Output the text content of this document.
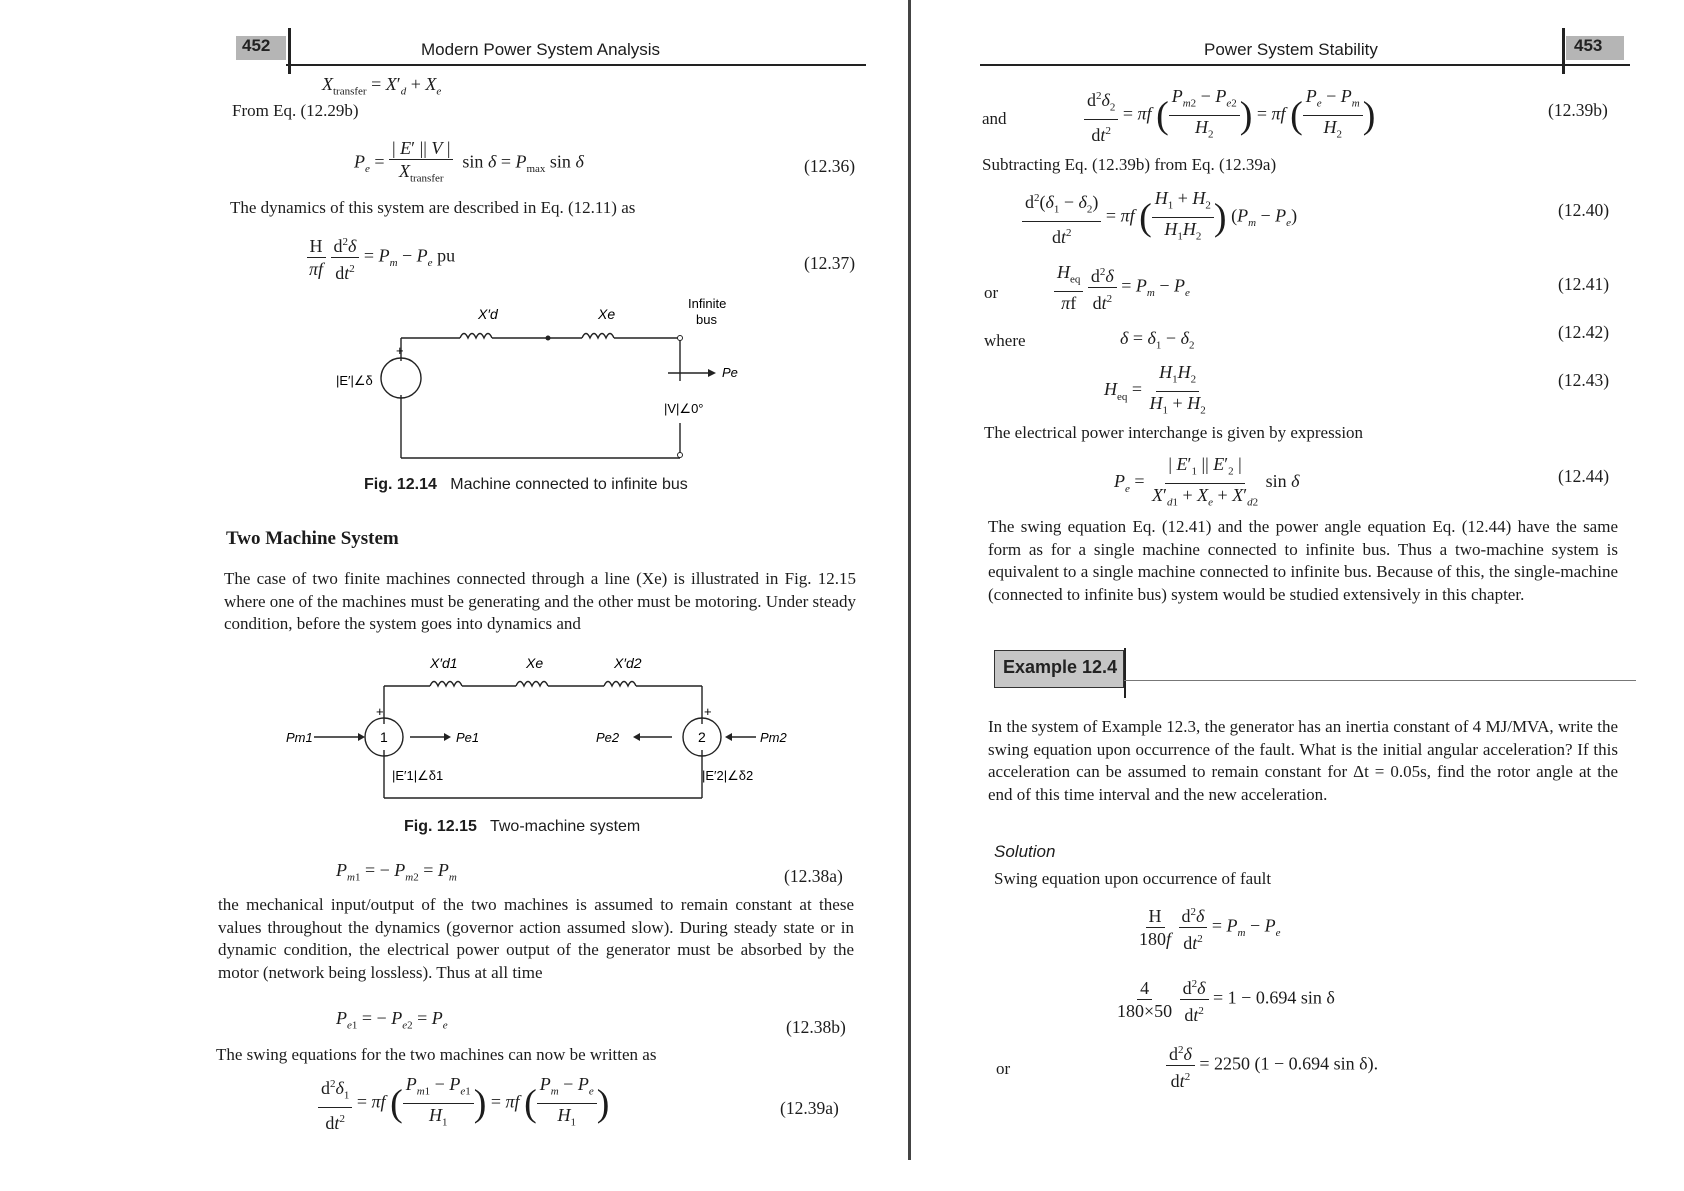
452	Modern Power System Analysis
$X_{transfer} = X'_d + X_e$
From Eq. (12.29b)
$P_e = \frac{| E' || V |}{X_{transfer}}$ $\sin \delta = P_{max}$ sin δ	(12.36)
The dynamics of this system are described in Eq. (12.11) as
$\frac{H}{\pi f}$
$\frac{d^2\delta}{dt^2} = P_m - P_e$ pu	(12.37)
X′d	Xe
Infinite
bus
Pe
|E′|∠δ
+
|V|∠0°
Fig. 12.14 Machine connected to infinite bus
Two Machine System
The case of two finite machines connected through a line (Xe) is illustrated in Fig. 12.15 where one of the machines must be generating and the other must be motoring. Under steady condition, before the system goes into dynamics and
X′d1	Xe	X′d2
Pm1	Pe1	Pe2	Pm2
1	2
+	+
|E′1|∠δ1	|E′2|∠δ2
Fig. 12.15 Two-machine system
$P_{m1}$ = − $P_{m2} = P_m$	(12.38a)
the mechanical input/output of the two machines is assumed to remain constant at these values throughout the dynamics (governor action assumed slow). During steady state or in dynamic condition, the electrical power output of the generator must be absorbed by the motor (network being lossless). Thus at all time
$P_{e1}$ = − $P_{e2} = P_e$	(12.38b)
The swing equations for the two machines can now be written as
$\frac{d^2\delta_1}{dt^2} = \pi f$ ( $\frac{P_{m1} - P_{e1}}{H_1}$ ) = πf ( $\frac{P_m - P_e}{H_1}$ )	(12.39a)
Power System Stability	453
and	$\frac{d^2\delta_2}{dt^2} = \pi f$ ( $\frac{P_{m2} - P_{e2}}{H_2}$ ) = πf ( $\frac{P_e - P_m}{H_2}$ )	(12.39b)
Subtracting Eq. (12.39b) from Eq. (12.39a)
$\frac{d^2(\delta_1 - \delta_2)}{dt^2} = \pi f$ ( $\frac{H_1 + H_2}{H_1H_2}$ ) $(P_m - P_e)$	(12.40)
or	$\frac{H_{eq}}{\pi f}$
$\frac{d^2\delta}{dt^2} = P_m - P_e$	(12.41)
where	$\delta = \delta_1 - \delta_2$
(12.42)
$H_{eq} = \frac{H_1H_2}{H_1 + H_2}$	(12.43)
The electrical power interchange is given by expression
$P_e = \frac{| E'_1 || E'_2 |}{X'_{d1} + X_e + X'_{d2}}$ sin δ	(12.44)
The swing equation Eq. (12.41) and the power angle equation Eq. (12.44) have the same form as for a single machine connected to infinite bus. Thus a two-machine system is equivalent to a single machine connected to infinite bus. Because of this, the single-machine (connected to infinite bus) system would be studied extensively in this chapter.
Example 12.4
In the system of Example 12.3, the generator has an inertia constant of 4 MJ/MVA, write the swing equation upon occurrence of the fault. What is the initial angular acceleration? If this acceleration can be assumed to remain constant for Δt = 0.05s, find the rotor angle at the end of this time interval and the new acceleration.
Solution
Swing equation upon occurrence of fault
$\frac{H}{180f}$
$\frac{d^2\delta}{dt^2} = P_m - P_e$
$\frac{4}{180\times 50}$
$\frac{d^2\delta}{dt^2} = 1 - 0.694$ sin δ
or	$\frac{d^2\delta}{dt^2} = 2250$ (1 − 0.694 sin δ).
